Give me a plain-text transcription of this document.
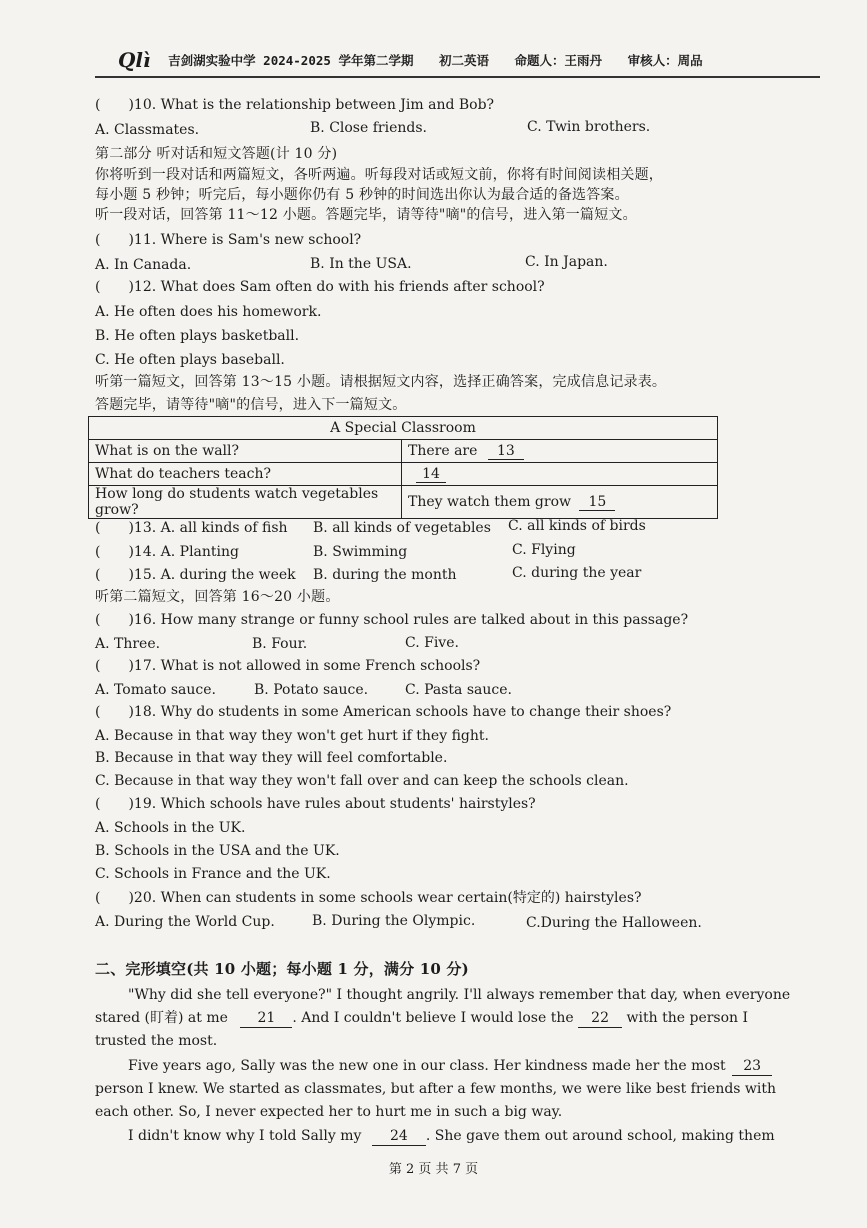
Qlì 吉剑湖实验中学 2024-2025 学年第二学期 初二英语 命题人：王雨丹 审核人：周品
(　　)10. What is the relationship between Jim and Bob?
A. Classmates.	B. Close friends.	C. Twin brothers.
第二部分 听对话和短文答题(计 10 分)
你将听到一段对话和两篇短文，各听两遍。听每段对话或短文前，你将有时间阅读相关题，
每小题 5 秒钟；听完后，每小题你仍有 5 秒钟的时间选出你认为最合适的备选答案。
听一段对话，回答第 11～12 小题。答题完毕，请等待"嘀"的信号，进入第一篇短文。
(　　)11. Where is Sam's new school?
A. In Canada.	B. In the USA.	C. In Japan.
(　　)12. What does Sam often do with his friends after school?
A. He often does his homework.
B. He often plays basketball.
C. He often plays baseball.
听第一篇短文，回答第 13～15 小题。请根据短文内容，选择正确答案，完成信息记录表。
答题完毕，请等待"嘀"的信号，进入下一篇短文。
A Special Classroom	
What is on the wall?	There are 13
What do teachers teach?	14
How long do students watch vegetables grow?	They watch them grow 15
(　　)13. A. all kinds of fish B. all kinds of vegetables C. all kinds of birds
(　　)14. A. Planting	B. Swimming	C. Flying
(　　)15. A. during the week B. during the month	C. during the year
听第二篇短文，回答第 16～20 小题。
(　　)16. How many strange or funny school rules are talked about in this passage?
A. Three.	B. Four.	C. Five.
(　　)17. What is not allowed in some French schools?
A. Tomato sauce.	B. Potato sauce.	C. Pasta sauce.
(　　)18. Why do students in some American schools have to change their shoes?
A. Because in that way they won't get hurt if they fight.
B. Because in that way they will feel comfortable.
C. Because in that way they won't fall over and can keep the schools clean.
(　　)19. Which schools have rules about students' hairstyles?
A. Schools in the UK.
B. Schools in the USA and the UK.
C. Schools in France and the UK.
(　　)20. When can students in some schools wear certain(特定的) hairstyles?
A. During the World Cup.	B. During the Olympic.	C.During the Halloween.
二、完形填空(共 10 小题；每小题 1 分，满分 10 分)
"Why did she tell everyone?" I thought angrily. I'll always remember that day, when everyone
stared (盯着) at me 21 . And I couldn't believe I would lose the 22 with the person I
trusted the most.
Five years ago, Sally was the new one in our class. Her kindness made her the most 23
person I knew. We started as classmates, but after a few months, we were like best friends with
each other. So, I never expected her to hurt me in such a big way.
I didn't know why I told Sally my 24 . She gave them out around school, making them
第 2 页 共 7 页
